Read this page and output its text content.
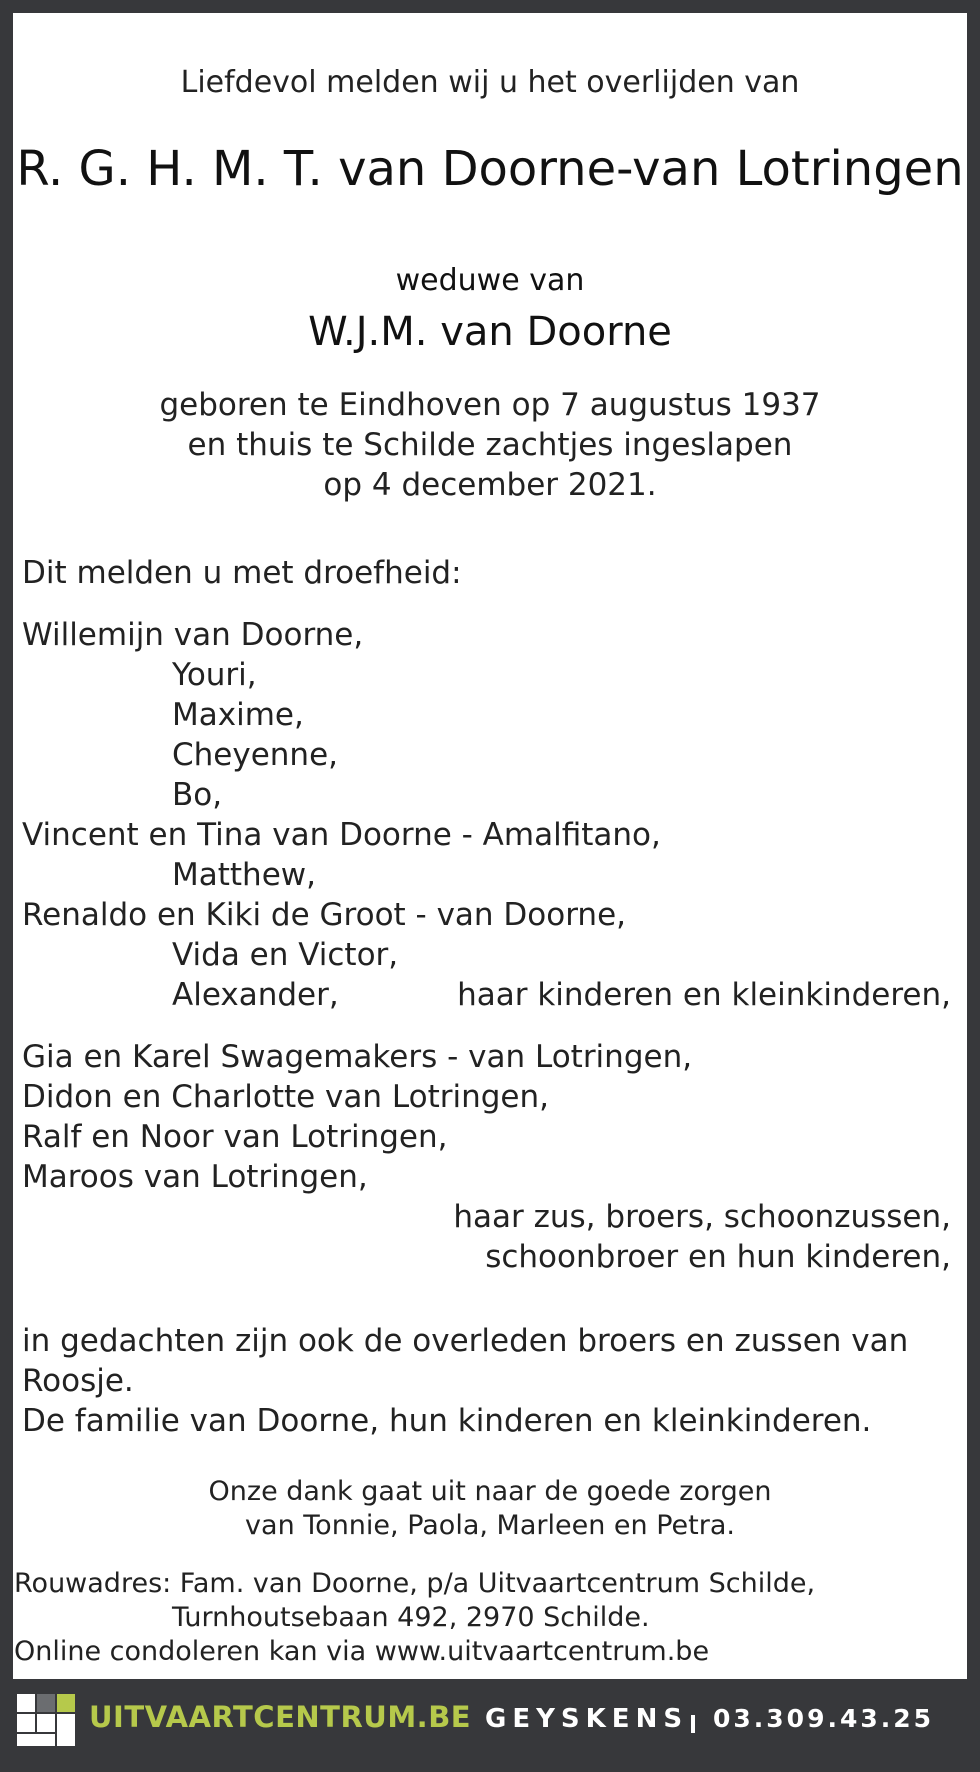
Liefdevol melden wij u het overlijden van
R. G. H. M. T. van Doorne-van Lotringen
weduwe van
W.J.M. van Doorne
geboren te Eindhoven op 7 augustus 1937
en thuis te Schilde zachtjes ingeslapen
op 4 december 2021.
Dit melden u met droefheid:
Willemijn van Doorne,
Youri,
Maxime,
Cheyenne,
Bo,
Vincent en Tina van Doorne - Amalfitano,
Matthew,
Renaldo en Kiki de Groot - van Doorne,
Vida en Victor,
Alexander,	haar kinderen en kleinkinderen,
Gia en Karel Swagemakers - van Lotringen,
Didon en Charlotte van Lotringen,
Ralf en Noor van Lotringen,
Maroos van Lotringen,
haar zus, broers, schoonzussen,
schoonbroer en hun kinderen,
in gedachten zijn ook de overleden broers en zussen van
Roosje.
De familie van Doorne, hun kinderen en kleinkinderen.
Onze dank gaat uit naar de goede zorgen
van Tonnie, Paola, Marleen en Petra.
Rouwadres: Fam. van Doorne, p/a Uitvaartcentrum Schilde,
Turnhoutsebaan 492, 2970 Schilde.
Online condoleren kan via www.uitvaartcentrum.be
UITVAARTCENTRUM.BE GEYSKENS 03.309.43.25
